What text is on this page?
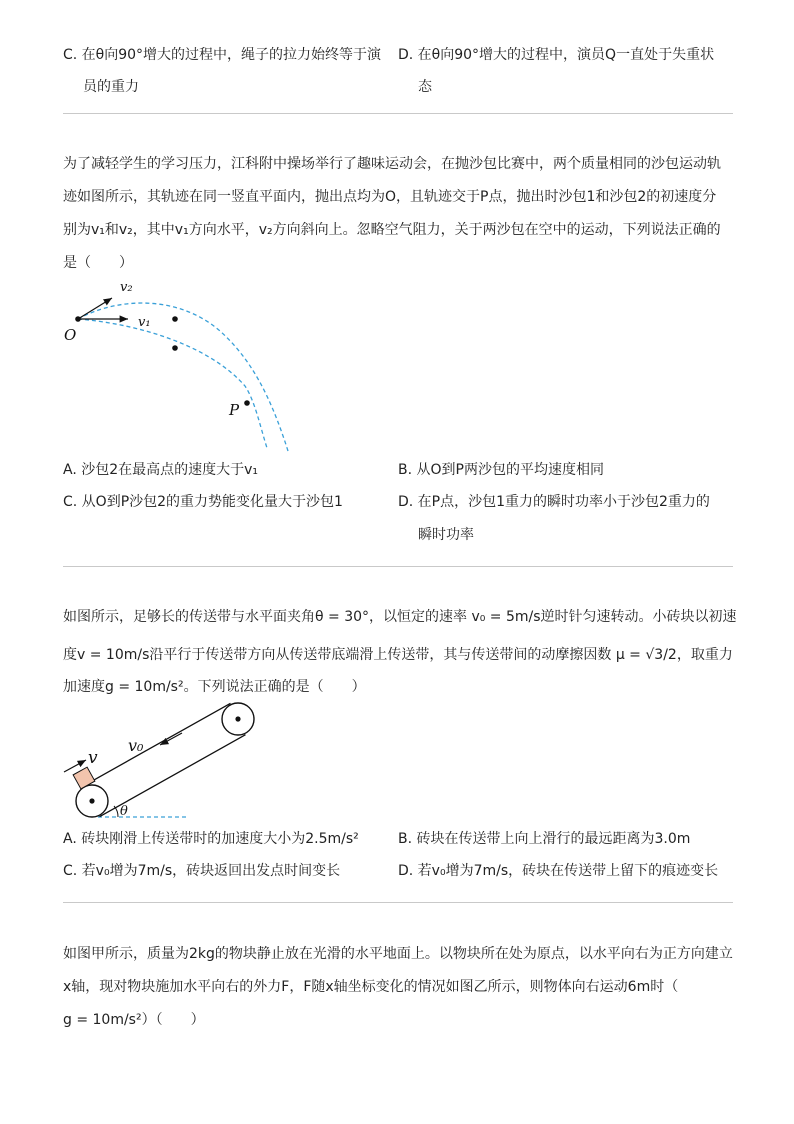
C. 在θ向90°增大的过程中，绳子的拉力始终等于演
员的重力
D. 在θ向90°增大的过程中，演员Q一直处于失重状
态
为了减轻学生的学习压力，江科附中操场举行了趣味运动会，在抛沙包比赛中，两个质量相同的沙包运动轨
迹如图所示，其轨迹在同一竖直平面内，抛出点均为O，且轨迹交于P点，抛出时沙包1和沙包2的初速度分
别为v₁和v₂，其中v₁方向水平，v₂方向斜向上。忽略空气阻力，关于两沙包在空中的运动，下列说法正确的
是（　　）
O
P
v₂
v₁
A. 沙包2在最高点的速度大于v₁	B. 从O到P两沙包的平均速度相同
C. 从O到P沙包2的重力势能变化量大于沙包1	D. 在P点，沙包1重力的瞬时功率小于沙包2重力的
瞬时功率
如图所示，足够长的传送带与水平面夹角θ = 30°，以恒定的速率 v₀ = 5m/s逆时针匀速转动。小砖块以初速
度v = 10m/s沿平行于传送带方向从传送带底端滑上传送带，其与传送带间的动摩擦因数 μ = √3/2，取重力
加速度g = 10m/s²。下列说法正确的是（　　）
θ
v
v₀
A. 砖块刚滑上传送带时的加速度大小为2.5m/s²	B. 砖块在传送带上向上滑行的最远距离为3.0m
C. 若v₀增为7m/s，砖块返回出发点时间变长	D. 若v₀增为7m/s，砖块在传送带上留下的痕迹变长
如图甲所示，质量为2kg的物块静止放在光滑的水平地面上。以物块所在处为原点，以水平向右为正方向建立
x轴，现对物块施加水平向右的外力F，F随x轴坐标变化的情况如图乙所示，则物体向右运动6m时（
g = 10m/s²）（　　）
